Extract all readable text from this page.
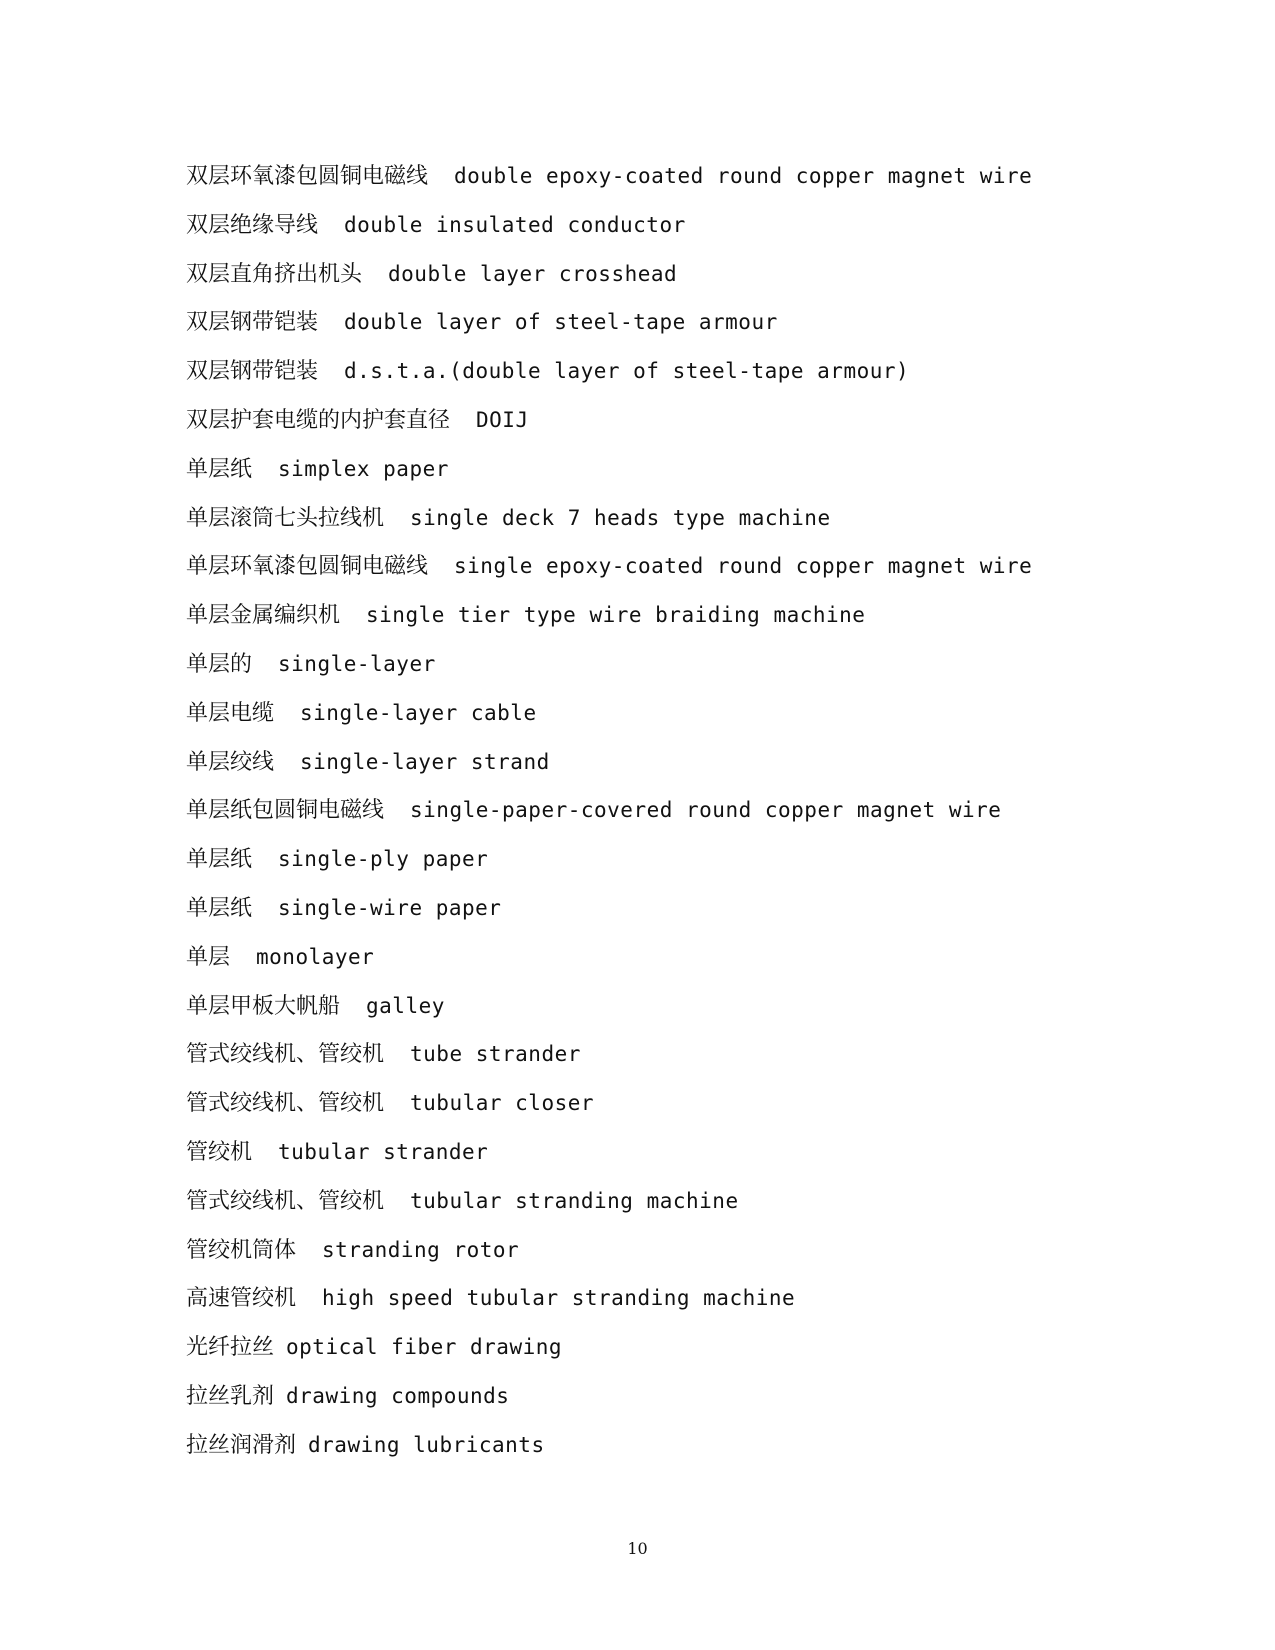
双层环氧漆包圆铜电磁线 double epoxy-coated round copper magnet wire
双层绝缘导线 double insulated conductor
双层直角挤出机头 double layer crosshead
双层钢带铠装 double layer of steel-tape armour
双层钢带铠装 d.s.t.a.(double layer of steel-tape armour)
双层护套电缆的内护套直径 DOIJ
单层纸 simplex paper
单层滚筒七头拉线机 single deck 7 heads type machine
单层环氧漆包圆铜电磁线 single epoxy-coated round copper magnet wire
单层金属编织机 single tier type wire braiding machine
单层的 single-layer
单层电缆 single-layer cable
单层绞线 single-layer strand
单层纸包圆铜电磁线 single-paper-covered round copper magnet wire
单层纸 single-ply paper
单层纸 single-wire paper
单层 monolayer
单层甲板大帆船 galley
管式绞线机、管绞机 tube strander
管式绞线机、管绞机 tubular closer
管绞机 tubular strander
管式绞线机、管绞机 tubular stranding machine
管绞机筒体 stranding rotor
高速管绞机 high speed tubular stranding machine
光纤拉丝 optical fiber drawing
拉丝乳剂 drawing compounds
拉丝润滑剂 drawing lubricants
10
